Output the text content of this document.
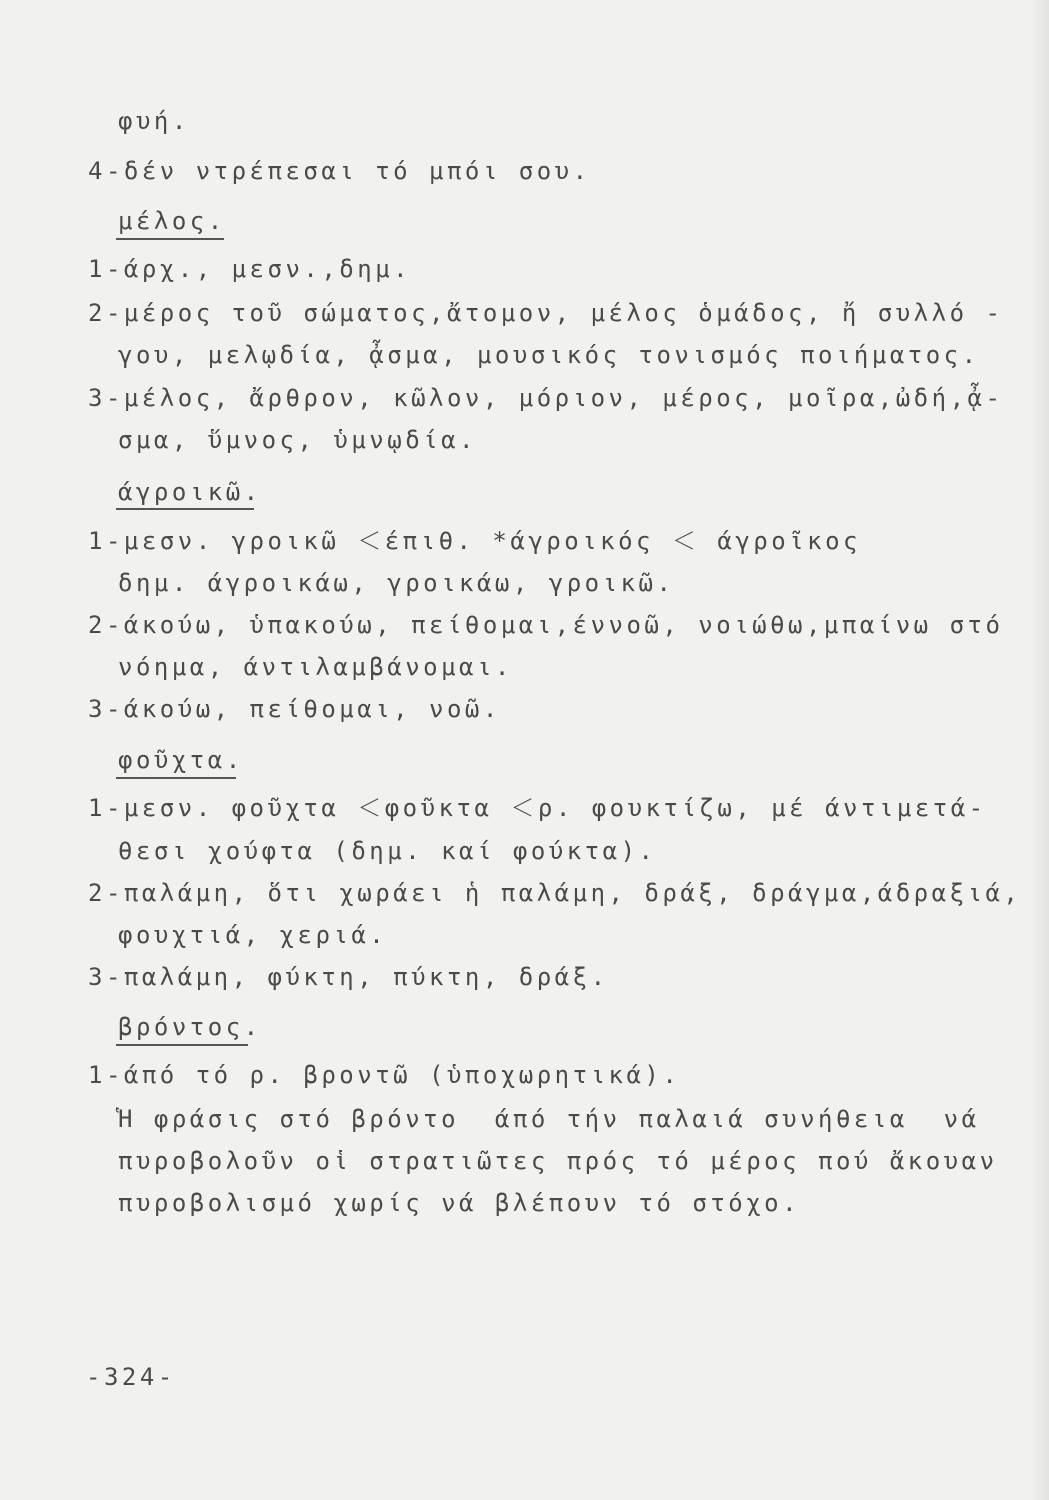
φυή.
4-δέν ντρέπεσαι τό μπόι σου.
μέλος.
1-άρχ., μεσν.,δημ.
2-μέρος τοῦ σώματος,ἄτομον, μέλος ὁμάδος, ἤ συλλό -
γου, μελῳδία, ᾆσμα, μουσικός τονισμός ποιήματος.
3-μέλος, ἄρθρον, κῶλον, μόριον, μέρος, μοῖρα,ὠδή,ᾆ-
σμα, ὕμνος, ὑμνῳδία.
άγροικῶ.
1-μεσν. γροικῶ ＜έπιθ. *άγροικός ＜ άγροῖκος
δημ. άγροικάω, γροικάω, γροικῶ.
2-άκούω, ὑπακούω, πείθομαι,έννοῶ, νοιώθω,μπαίνω στό
νόημα, άντιλαμβάνομαι.
3-άκούω, πείθομαι, νοῶ.
φοῦχτα.
1-μεσν. φοῦχτα ＜φοῦκτα ＜ρ. φουκτίζω, μέ άντιμετά-
θεσι χούφτα (δημ. καί φούκτα).
2-παλάμη, ὅτι χωράει ἡ παλάμη, δράξ, δράγμα,άδραξιά,
φουχτιά, χεριά.
3-παλάμη, φύκτη, πύκτη, δράξ.
βρόντος.
1-άπό τό ρ. βροντῶ (ὑποχωρητικά).
Ἡ φράσις στό βρόντο  άπό τήν παλαιά συνήθεια  νά
πυροβολοῦν οἱ στρατιῶτες πρός τό μέρος πού ἄκουαν
πυροβολισμό χωρίς νά βλέπουν τό στόχο.
-324-
